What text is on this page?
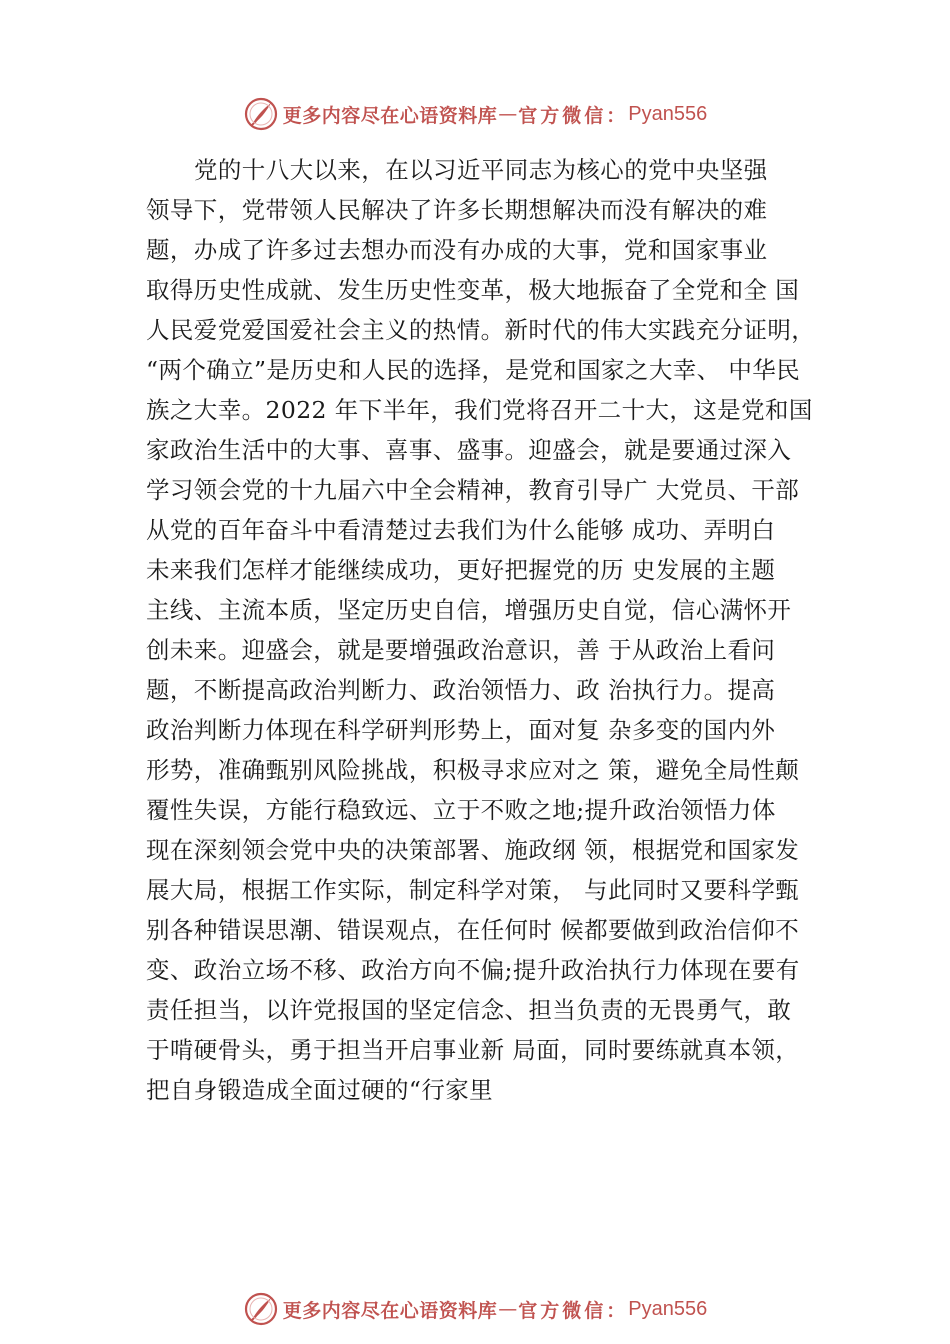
更多内容尽在心语资料库 — 官方微信： Pyan556
党的十八大以来，在以习近平同志为核心的党中央坚强
领导下，党带领人民解决了许多长期想解决而没有解决的难
题，办成了许多过去想办而没有办成的大事，党和国家事业
取得历史性成就、发生历史性变革，极大地振奋了全党和全 国
人民爱党爱国爱社会主义的热情。新时代的伟大实践充分证明，
“两个确立”是历史和人民的选择，是党和国家之大幸、 中华民
族之大幸。2022 年下半年，我们党将召开二十大，这是党和国
家政治生活中的大事、喜事、盛事。迎盛会，就是要通过深入
学习领会党的十九届六中全会精神，教育引导广 大党员、干部
从党的百年奋斗中看清楚过去我们为什么能够 成功、弄明白
未来我们怎样才能继续成功，更好把握党的历 史发展的主题
主线、主流本质，坚定历史自信，增强历史自觉，信心满怀开
创未来。迎盛会，就是要增强政治意识，善 于从政治上看问
题，不断提高政治判断力、政治领悟力、政 治执行力。提高
政治判断力体现在科学研判形势上，面对复 杂多变的国内外
形势，准确甄别风险挑战，积极寻求应对之 策，避免全局性颠
覆性失误，方能行稳致远、立于不败之地;提升政治领悟力体
现在深刻领会党中央的决策部署、施政纲 领，根据党和国家发
展大局，根据工作实际，制定科学对策， 与此同时又要科学甄
别各种错误思潮、错误观点，在任何时 候都要做到政治信仰不
变、政治立场不移、政治方向不偏;提升政治执行力体现在要有
责任担当，以许党报国的坚定信念、担当负责的无畏勇气，敢
于啃硬骨头，勇于担当开启事业新 局面，同时要练就真本领，
把自身锻造成全面过硬的“行家里
更多内容尽在心语资料库 — 官方微信： Pyan556
